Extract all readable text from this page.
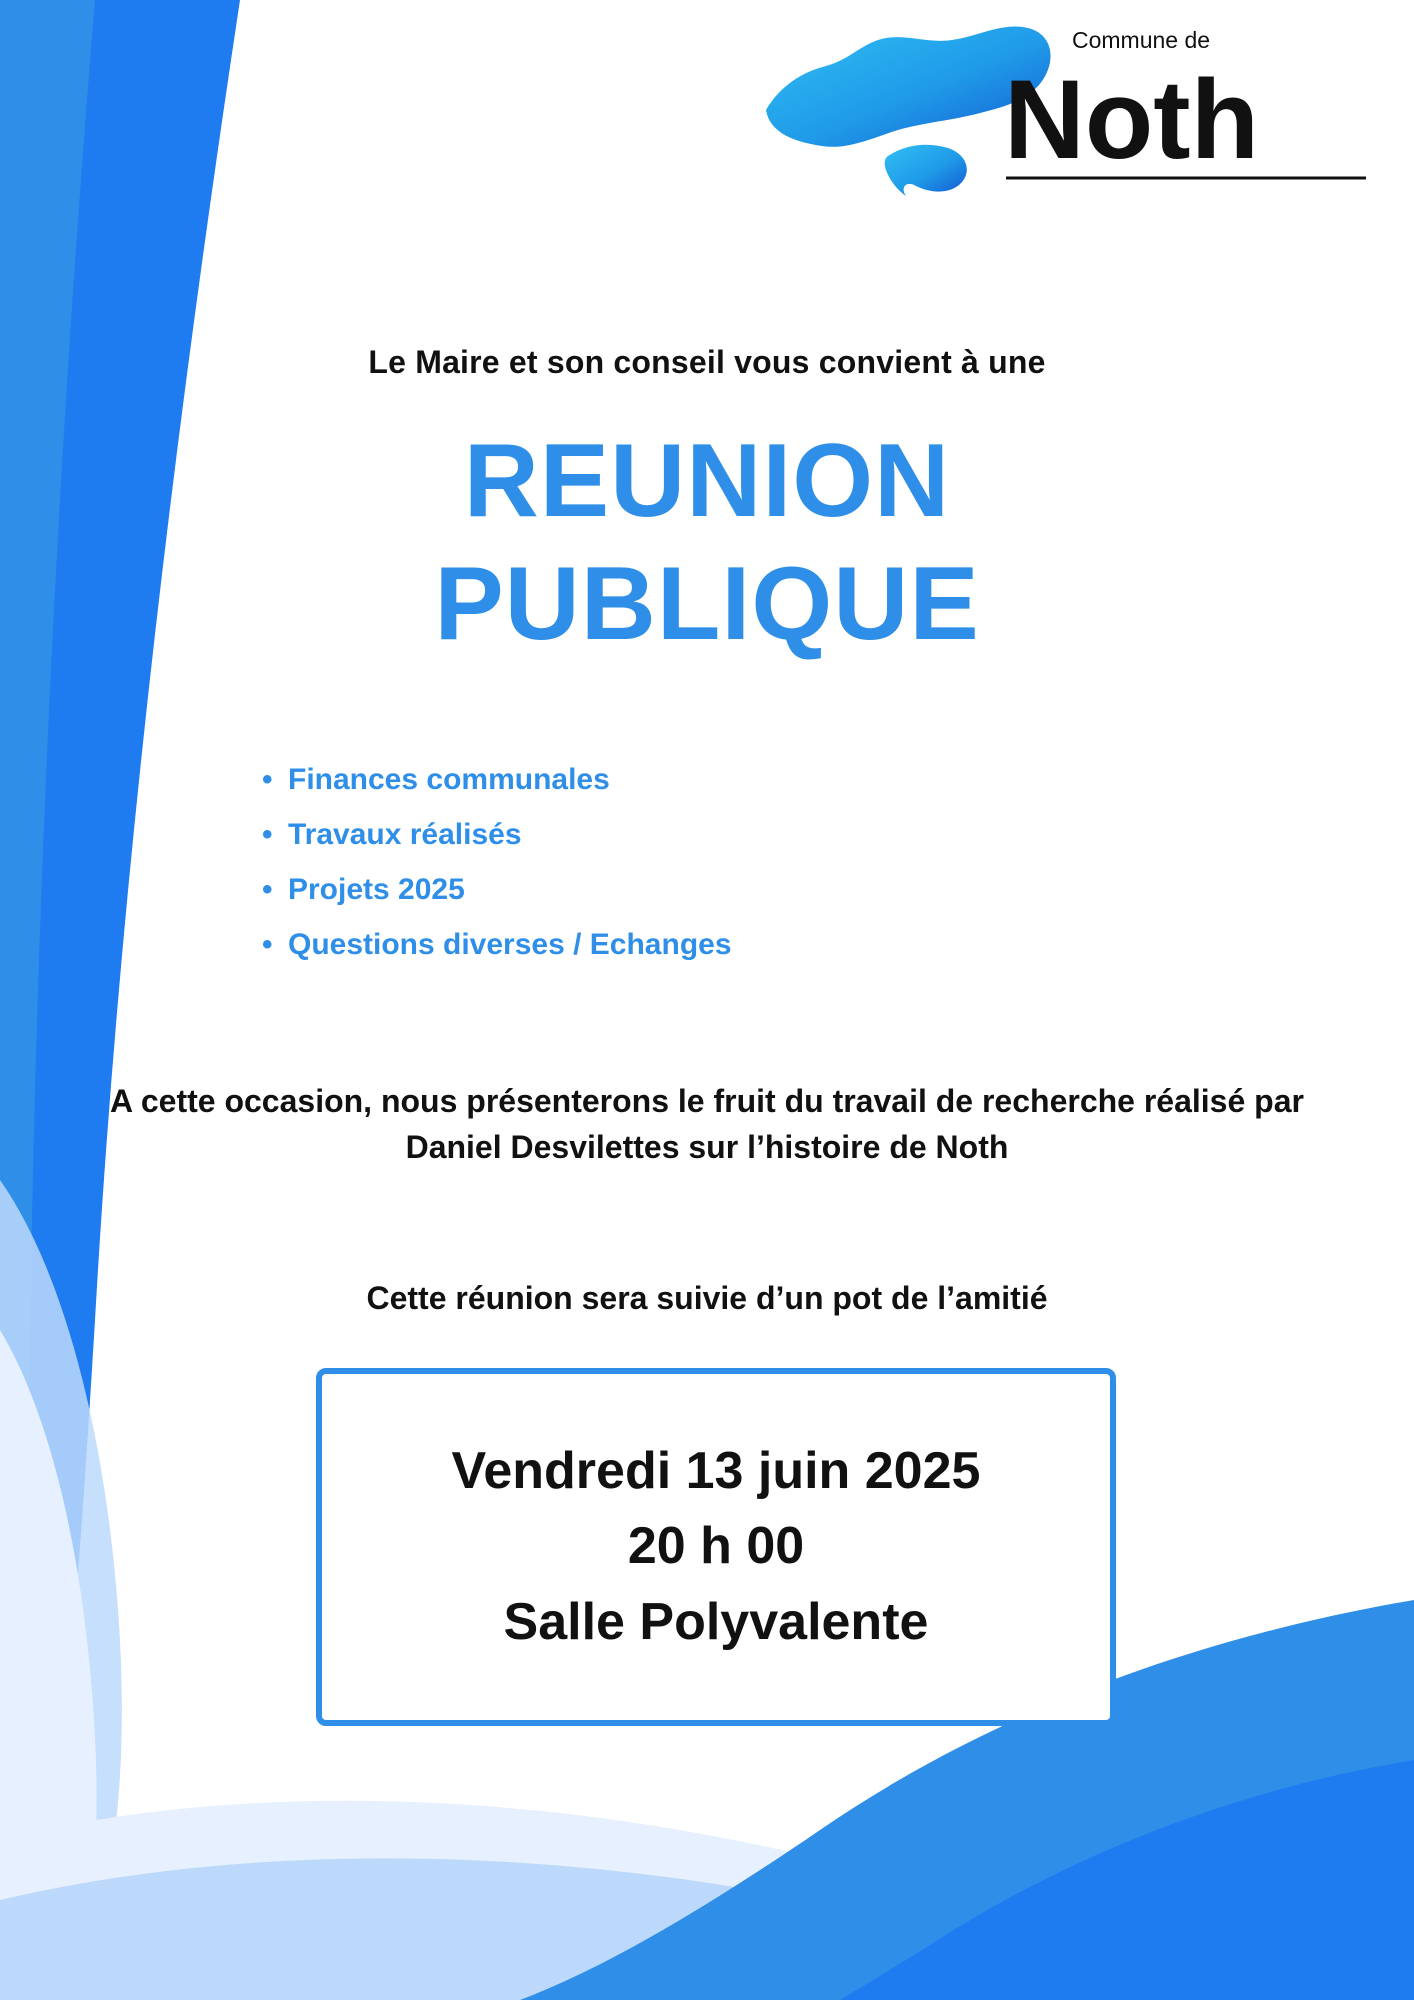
Commune de
Noth
Le Maire et son conseil vous convient à une
REUNION
PUBLIQUE
• Finances communales
• Travaux réalisés
• Projets 2025
• Questions diverses / Echanges
A cette occasion, nous présenterons le fruit du travail de recherche réalisé par Daniel Desvilettes sur l’histoire de Noth
Cette réunion sera suivie d’un pot de l’amitié
Vendredi 13 juin 2025
20 h 00
Salle Polyvalente
